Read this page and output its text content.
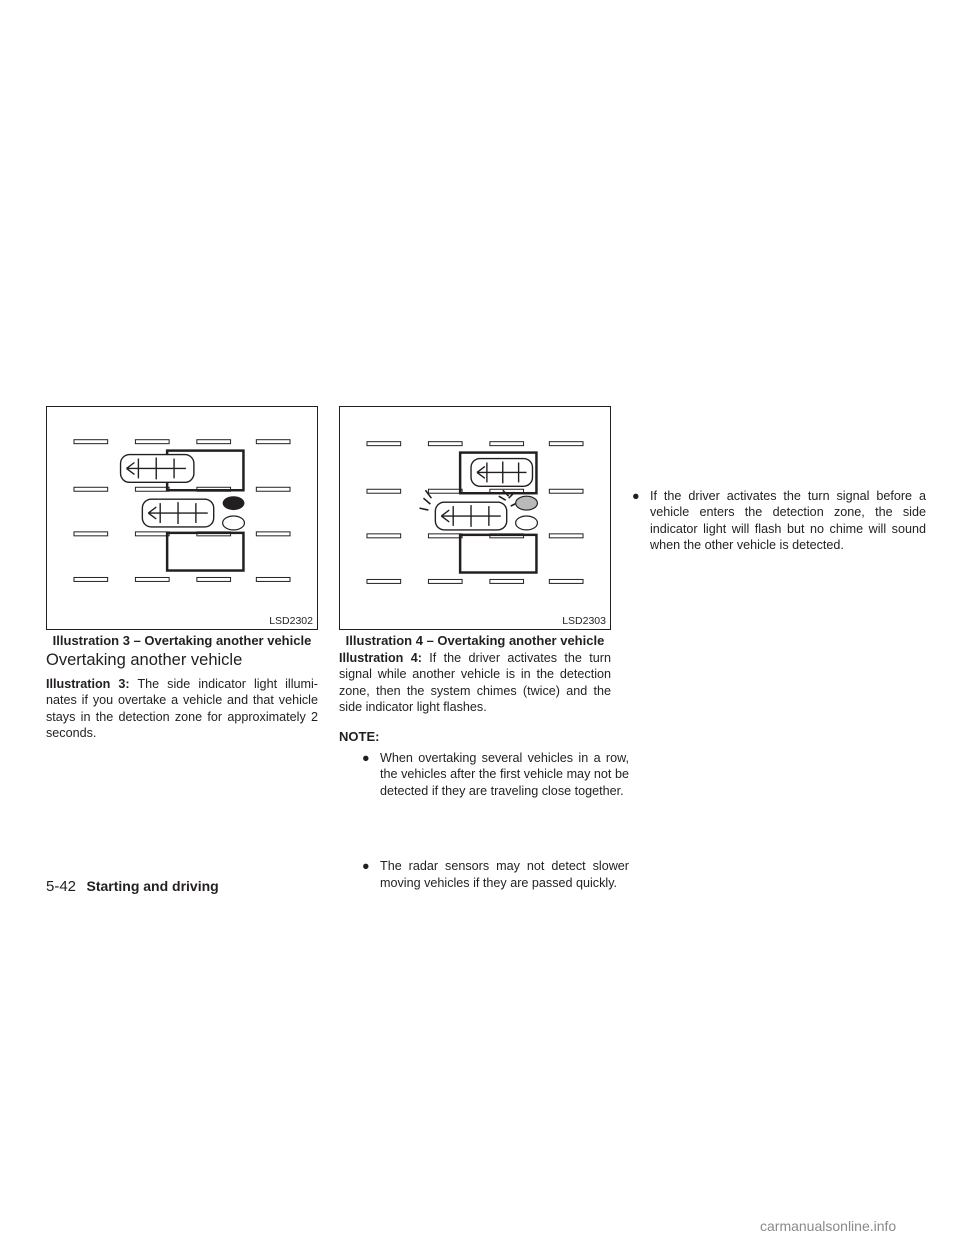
LSD2302
Illustration 3 – Overtaking another vehicle
LSD2303
Illustration 4 – Overtaking another vehicle
Overtaking another vehicle
Illustration 3: The side indicator light illumi-nates if you overtake a vehicle and that vehicle stays in the detection zone for approximately 2 seconds.
Illustration 4: If the driver activates the turn signal while another vehicle is in the detection zone, then the system chimes (twice) and the side indicator light flashes.
NOTE:
● When overtaking several vehicles in a row, the vehicles after the first vehicle may not be detected if they are traveling close together.
● The radar sensors may not detect slower moving vehicles if they are passed quickly.
● If the driver activates the turn signal before a vehicle enters the detection zone, the side indicator light will flash but no chime will sound when the other vehicle is detected.
5-42 Starting and driving
carmanualsonline.info
